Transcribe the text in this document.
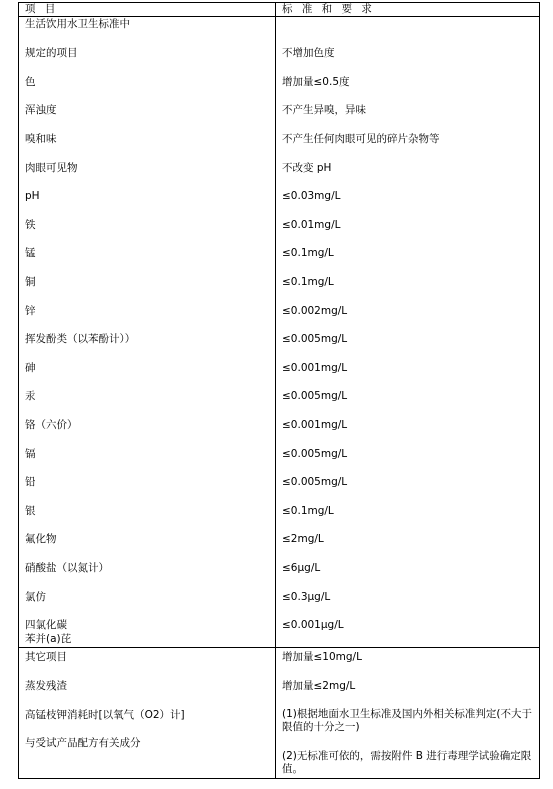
项 目	标 准 和 要 求
生活饮用水卫生标准中
规定的项目
色
浑浊度
嗅和味
肉眼可见物
pH
铁
锰
铜
锌
挥发酚类（以苯酚计））
砷
汞
铬（六价）
镉
铅
银
氟化物
硝酸盐（以氮计）
氯仿
四氯化碳
苯并(a)芘
不增加色度
增加量≤0.5度
不产生异嗅，异味
不产生任何肉眼可见的碎片杂物等
不改变 pH
≤0.03mg/L
≤0.01mg/L
≤0.1mg/L
≤0.1mg/L
≤0.002mg/L
≤0.005mg/L
≤0.001mg/L
≤0.005mg/L
≤0.001mg/L
≤0.005mg/L
≤0.005mg/L
≤0.1mg/L
≤2mg/L
≤6μg/L
≤0.3μg/L
≤0.001μg/L
其它项目
蒸发残渣
高锰枝钾消耗时[以氧气（O2）计]
与受试产品配方有关成分
增加量≤10mg/L
增加量≤2mg/L
(1)根据地面水卫生标准及国内外相关标准判定(不大于限值的十分之一)
(2)无标准可依的，需按附件 B 进行毒理学试验确定限值。
